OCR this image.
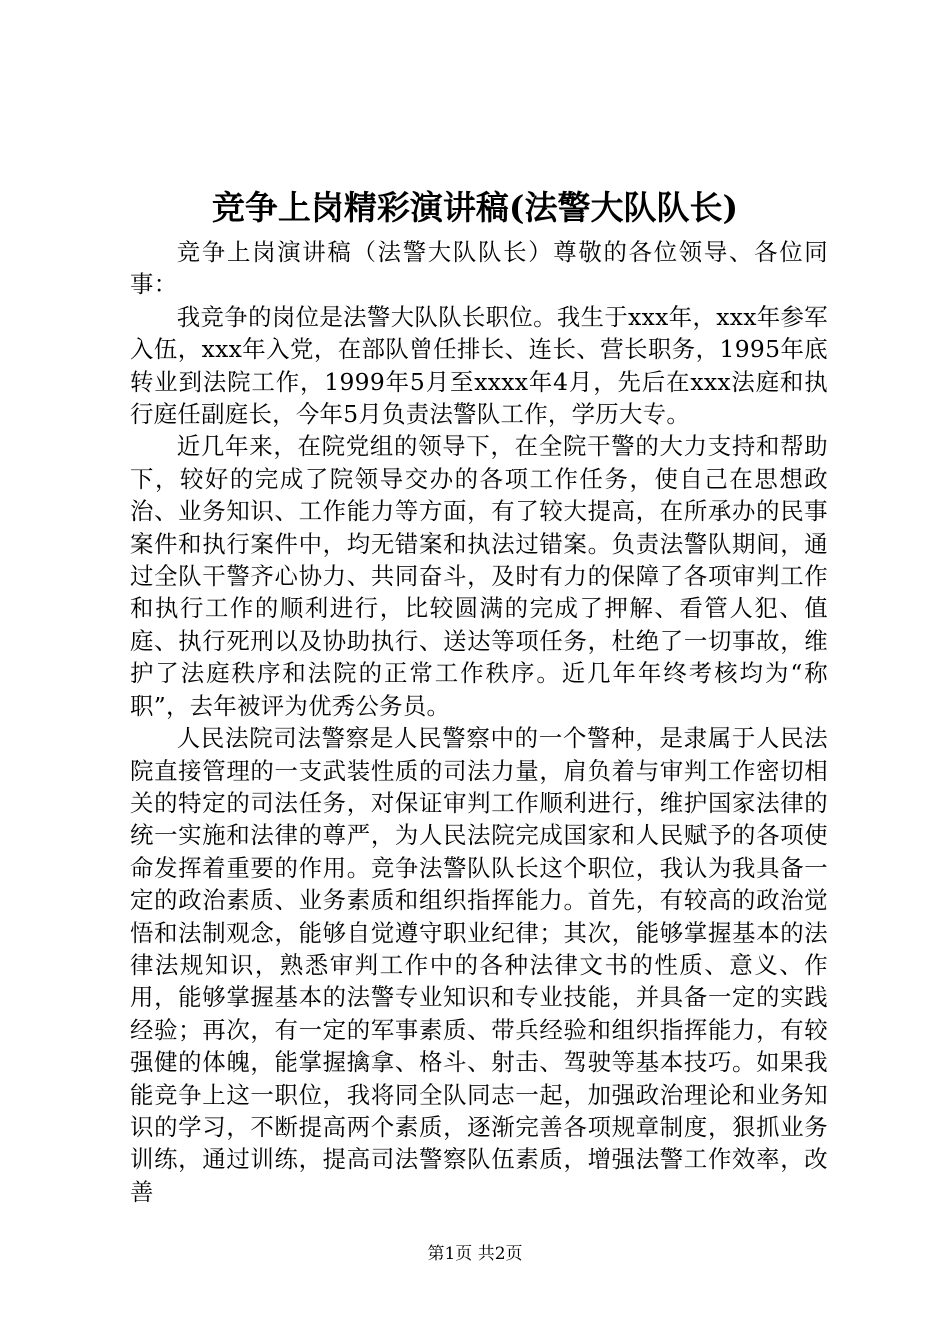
竞争上岗精彩演讲稿(法警大队队长)

竞争上岗演讲稿（法警大队队长）尊敬的各位领导、各位同事：

我竞争的岗位是法警大队队长职位。我生于xxx年，xxx年参军入伍，xxx年入党，在部队曾任排长、连长、营长职务，1995年底转业到法院工作，1999年5月至xxxx年4月，先后在xxx法庭和执行庭任副庭长，今年5月负责法警队工作，学历大专。

近几年来，在院党组的领导下，在全院干警的大力支持和帮助下，较好的完成了院领导交办的各项工作任务，使自己在思想政治、业务知识、工作能力等方面，有了较大提高，在所承办的民事案件和执行案件中，均无错案和执法过错案。负责法警队期间，通过全队干警齐心协力、共同奋斗，及时有力的保障了各项审判工作和执行工作的顺利进行，比较圆满的完成了押解、看管人犯、值庭、执行死刑以及协助执行、送达等项任务，杜绝了一切事故，维护了法庭秩序和法院的正常工作秩序。近几年年终考核均为“称职”，去年被评为优秀公务员。

人民法院司法警察是人民警察中的一个警种，是隶属于人民法院直接管理的一支武装性质的司法力量，肩负着与审判工作密切相关的特定的司法任务，对保证审判工作顺利进行，维护国家法律的统一实施和法律的尊严，为人民法院完成国家和人民赋予的各项使命发挥着重要的作用。竞争法警队队长这个职位，我认为我具备一定的政治素质、业务素质和组织指挥能力。首先，有较高的政治觉悟和法制观念，能够自觉遵守职业纪律；其次，能够掌握基本的法律法规知识，熟悉审判工作中的各种法律文书的性质、意义、作用，能够掌握基本的法警专业知识和专业技能，并具备一定的实践经验；再次，有一定的军事素质、带兵经验和组织指挥能力，有较强健的体魄，能掌握擒拿、格斗、射击、驾驶等基本技巧。如果我能竞争上这一职位，我将同全队同志一起，加强政治理论和业务知识的学习，不断提高两个素质，逐渐完善各项规章制度，狠抓业务训练，通过训练，提高司法警察队伍素质，增强法警工作效率，改善

第1页 共2页
